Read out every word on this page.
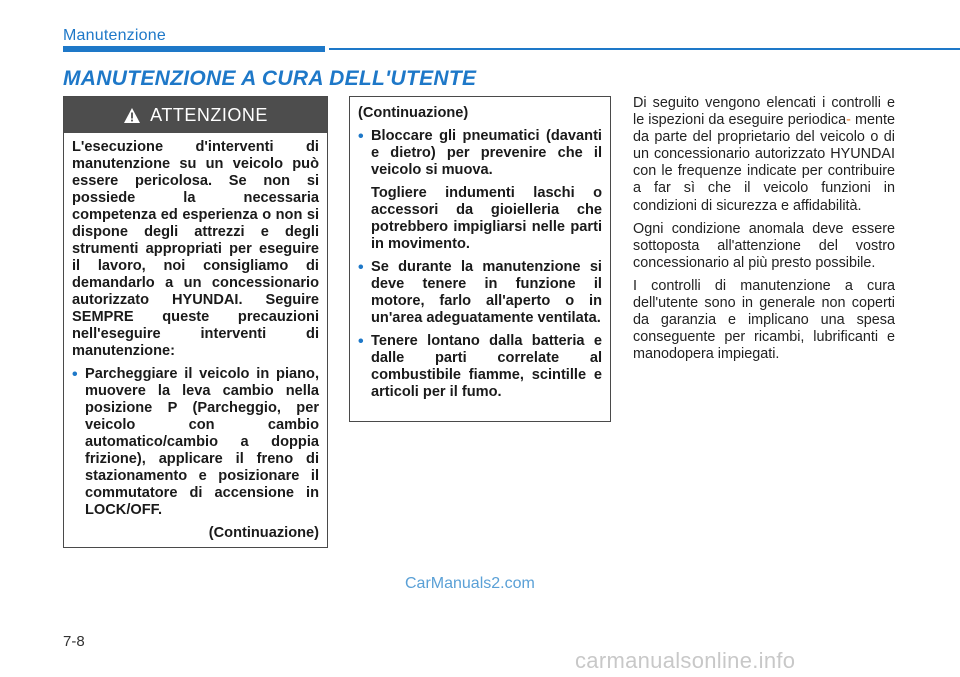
Manutenzione
MANUTENZIONE A CURA DELL'UTENTE
ATTENZIONE

L'esecuzione d'interventi di manutenzione su un veicolo può essere pericolosa. Se non si possiede la necessaria competenza ed esperienza o non si dispone degli attrezzi e degli strumenti appropriati per eseguire il lavoro, noi consigliamo di demandarlo a un concessionario autorizzato HYUNDAI. Seguire SEMPRE queste precauzioni nell'eseguire interventi di manutenzione:

• Parcheggiare il veicolo in piano, muovere la leva cambio nella posizione P (Parcheggio, per veicolo con cambio automatico/cambio a doppia frizione), applicare il freno di stazionamento e posizionare il commutatore di accensione in LOCK/OFF.

(Continuazione)

(Continuazione)

• Bloccare gli pneumatici (davanti e dietro) per prevenire che il veicolo si muova.
Togliere indumenti laschi o accessori da gioielleria che potrebbero impigliarsi nelle parti in movimento.
• Se durante la manutenzione si deve tenere in funzione il motore, farlo all'aperto o in un'area adeguatamente ventilata.
• Tenere lontano dalla batteria e dalle parti correlate al combustibile fiamme, scintille e articoli per il fumo.

Di seguito vengono elencati i controlli e le ispezioni da eseguire periodica- mente da parte del proprietario del veicolo o di un concessionario autorizzato HYUNDAI con le frequenze indicate per contribuire a far sì che il veicolo funzioni in condizioni di sicurezza e affidabilità.

Ogni condizione anomala deve essere sottoposta all'attenzione del vostro concessionario al più presto possibile.

I controlli di manutenzione a cura dell'utente sono in generale non coperti da garanzia e implicano una spesa conseguente per ricambi, lubrificanti e manodopera impiegati.

CarManuals2.com
7-8
carmanualsonline.info
